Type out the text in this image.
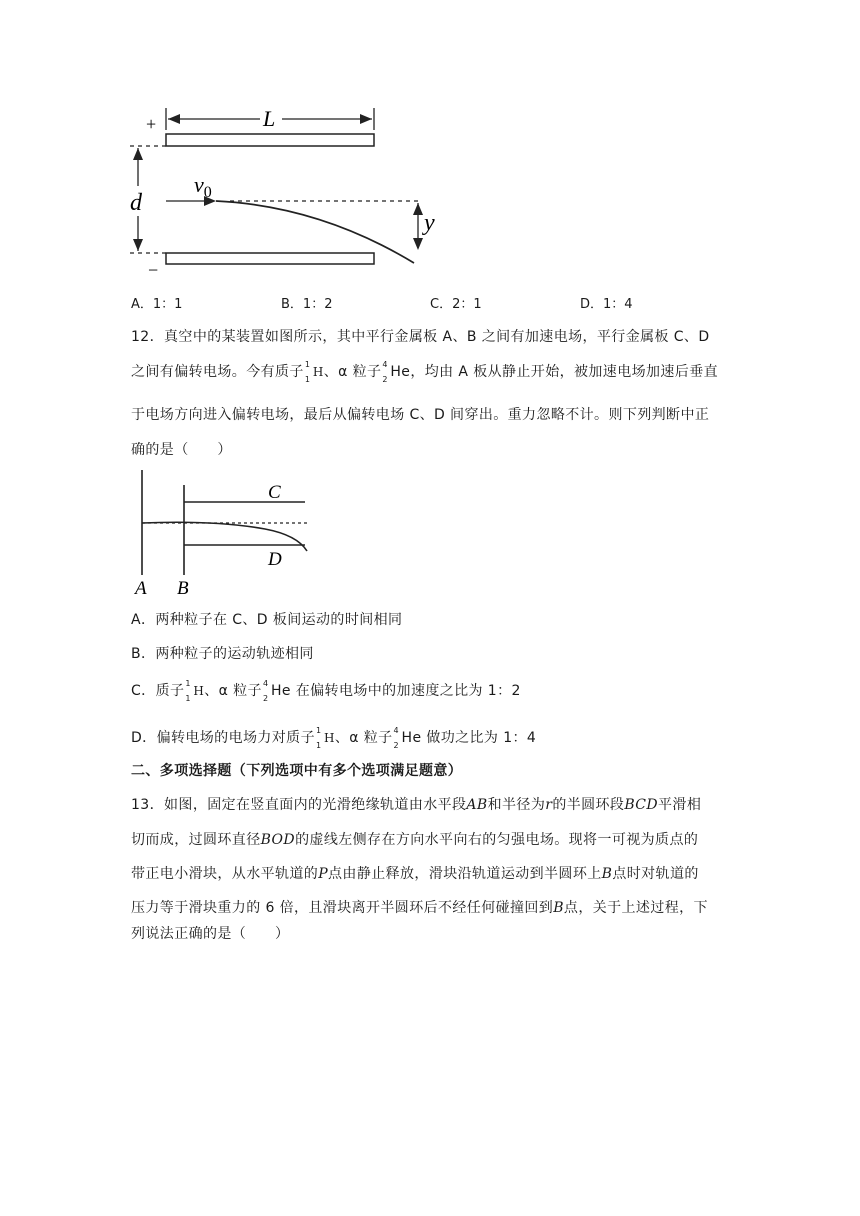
+	L
d
$v_0$
−
y
A．1：1	B．1：2	C．2：1	D．1：4
12．真空中的某装置如图所示，其中平行金属板 A、B 之间有加速电场，平行金属板 C、D
之间有偏转电场。今有质子 1
1
H、α 粒子 4
2 He，均由 A 板从静止开始，被加速电场加速后垂直
于电场方向进入偏转电场，最后从偏转电场 C、D 间穿出。重力忽略不计。则下列判断中正
确的是（　　）
C
D
A B
A．两种粒子在 C、D 板间运动的时间相同
B．两种粒子的运动轨迹相同
C．质子 1
1
H、α 粒子 4
2 He 在偏转电场中的加速度之比为 1：2
D．偏转电场的电场力对质子 1
1
H、α 粒子 4
2 He 做功之比为 1：4
二、多项选择题（下列选项中有多个选项满足题意）
13．如图，固定在竖直面内的光滑绝缘轨道由水平段AB和半径为r的半圆环段BCD平滑相
切而成，过圆环直径BOD的虚线左侧存在方向水平向右的匀强电场。现将一可视为质点的
带正电小滑块，从水平轨道的P点由静止释放，滑块沿轨道运动到半圆环上B点时对轨道的
压力等于滑块重力的 6 倍，且滑块离开半圆环后不经任何碰撞回到B点，关于上述过程，下
列说法正确的是（　　）
